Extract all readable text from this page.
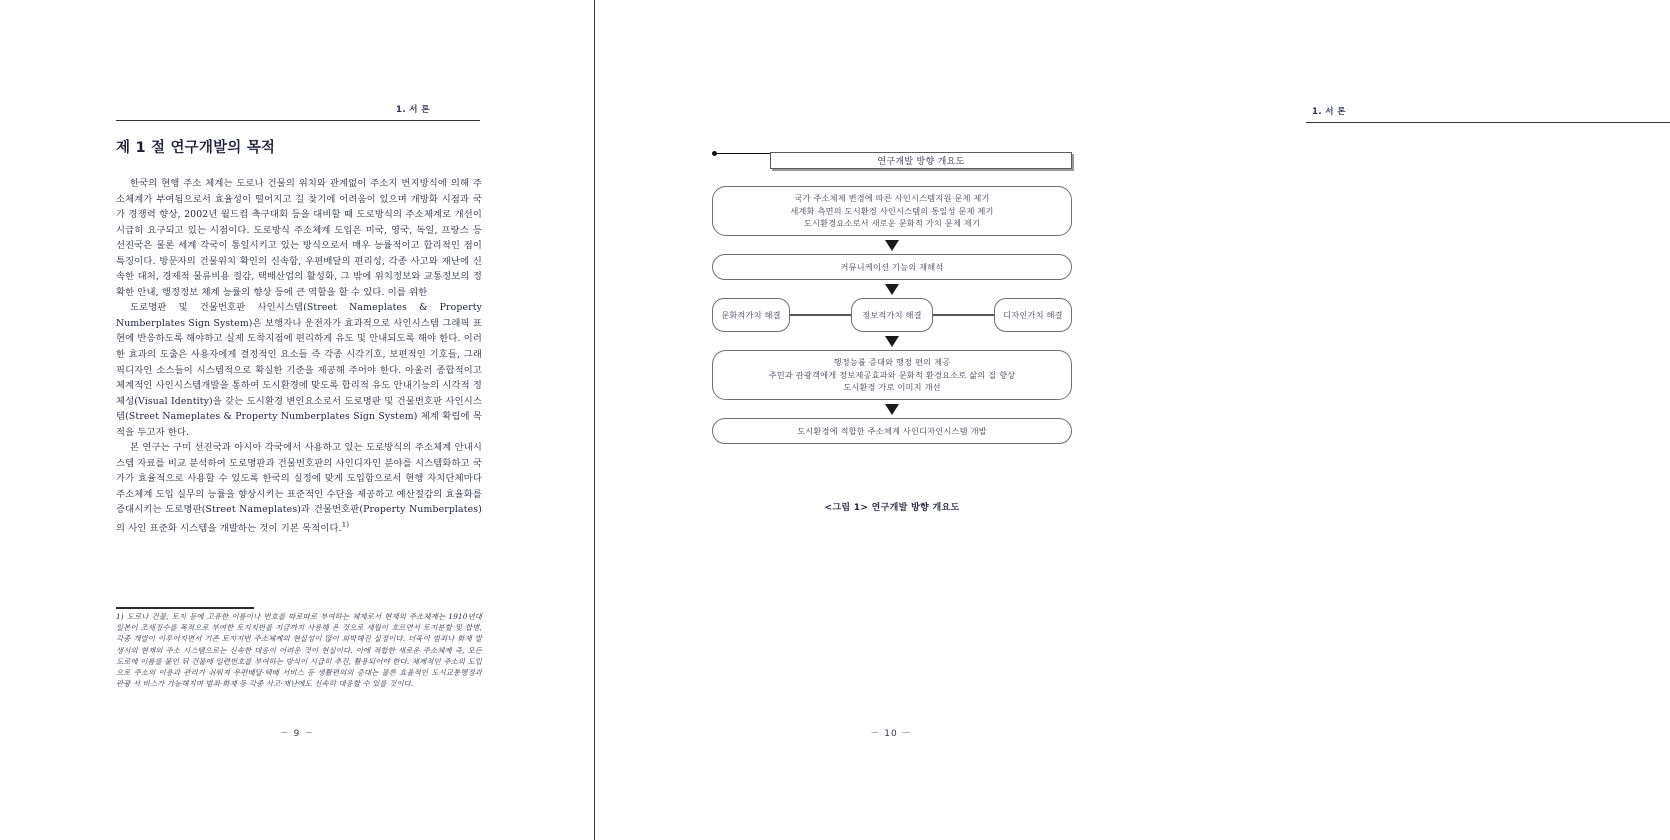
1. 서 론
제 1 절 연구개발의 목적

한국의 현행 주소 체계는 도로나 건물의 위치와 관계없이 주소지 번지방식에 의해 주소체계가 부여됨으로서 효율성이 떨어지고 길 찾기에 어려움이 있으며 개방화 시점과 국가 경쟁력 향상, 2002년 월드컵 축구대회 등을 대비할 때 도로방식의 주소체계로 개선이 시급히 요구되고 있는 시점이다. 도로방식 주소체계 도입은 미국, 영국, 독일, 프랑스 등 선진국은 물론 세계 각국이 통일시키고 있는 방식으로서 매우 능률적이고 합리적인 점이 특징이다. 방문자의 건물위치 확인의 신속함, 우편배달의 편리성, 각종 사고와 재난에 신속한 대처, 경제적 물류비용 절감, 택배산업의 활성화, 그 밖에 위치정보와 교통정보의 정확한 안내, 행정정보 체계 능률의 향상 등에 큰 역할을 할 수 있다. 이를 위한

도로명판 및 건물번호판 사인시스템(Street Nameplates & Property Numberplates Sign System)은 보행자나 운전자가 효과적으로 사인시스템 그래픽 표현에 반응하도록 해야하고 실제 도착지점에 편리하게 유도 및 안내되도록 해야 한다. 이러한 효과의 도출은 사용자에게 결정적인 요소들 즉 각종 시각기호, 보편적인 기호들, 그래픽디자인 소스들이 시스템적으로 확실한 기준을 제공해 주어야 한다. 아울러 종합적이고 체계적인 사인시스템개발을 통하여 도시환경에 맞도록 합리적 유도 안내기능의 시각적 정체성(Visual Identity)을 갖는 도시환경 변인요소로서 도로명판 및 건물번호판 사인시스템(Street Nameplates & Property Numberplates Sign System) 체계 확립에 목적을 두고자 한다.

본 연구는 구미 선진국과 아시아 각국에서 사용하고 있는 도로방식의 주소체계 안내시스템 자료를 비교 분석하여 도로명판과 건물번호판의 사인디자인 분야를 시스템화하고 국가가 효율적으로 사용할 수 있도록 한국의 실정에 맞게 도입함으로서 현행 자치단체마다 주소체계 도입 실무의 능률을 향상시키는 표준적인 수단을 제공하고 예산절감의 효율화를 증대시키는 도로명판(Street Nameplates)과 건물번호판(Property Numberplates)의 사인 표준화 시스템을 개발하는 것이 기본 목적이다.$^{1)}$

1) 도로나 건물, 토지 등에 고유한 이름이나 번호를 따로따로 부여하는 체제로서 현재의 주소체계는 1910년대 일본이 조세징수를 목적으로 부여한 토지지번를 지금까지 사용해 온 것으로 세월이 흐르면서 토지분할 및 합병, 각종 개발이 이루어지면서 기존 토지지번 주소체계의 현실성이 많이 희박해진 실정이다. 더욱이 범죄나 화재 발생시의 현재의 주소 시스템으로는 신속한 대응이 어려운 것이 현실이다. 이에 적합한 새로운 주소체계 즉, 모든 도로에 이름를 붙인 뒤 건물에 일련번호를 부여하는 방식이 시급히 추진, 활용되어야 한다. 체계적인 주소의 도입으로 주소의 이용과 관리가 쉬워져 우편배달·택배 서비스 등 생활편의의 증대는 물론 효율적인 도시교통행정과 관광 서 비스가 가능해지며 범죄·화재 등 각종 사고·재난에도 신속히 대응할 수 있를 것이다.

－ 9 －
1. 서 론
연구개발 방향 개요도
국가 주소체제 변경에 따른 사인시스템지원 문제 제기
세계화 측면의 도시환경 사인시스템의 통일성 문제 제기
도시환경요소로서 새로운 문화적 가치 문제 제기
커뮤니케이션 기능의 재해석
문화적가치 해결	정보적가치 해결	디자인가치 해결
행정능률 증대와 행정 편의 제공
주민과 관광객에게 정보제공효과와 문화적 환경요소로 삶의 질 향상
도시환경 가로 이미지 개선
도시환경에 적합한 주소체계 사인디자인시스템 개발
<그림 1> 연구개발 방향 개요도
－ 10 －
